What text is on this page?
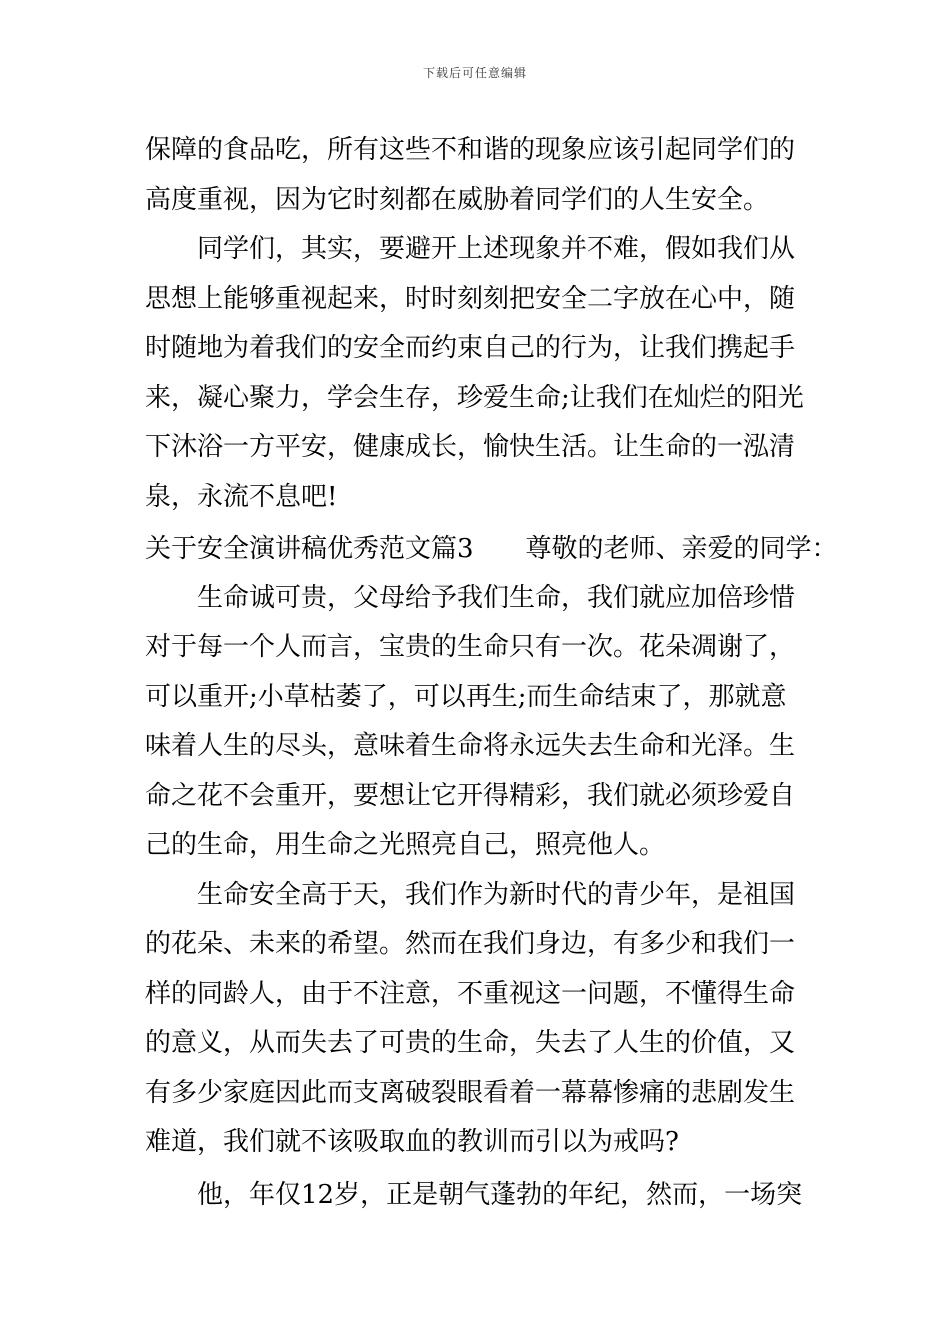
下载后可任意编辑
保障的食品吃，所有这些不和谐的现象应该引起同学们的
高度重视，因为它时刻都在威胁着同学们的人生安全。
　　同学们，其实，要避开上述现象并不难，假如我们从
思想上能够重视起来，时时刻刻把安全二字放在心中，随
时随地为着我们的安全而约束自己的行为，让我们携起手
来，凝心聚力，学会生存，珍爱生命;让我们在灿烂的阳光
下沐浴一方平安，健康成长，愉快生活。让生命的一泓清
泉，永流不息吧!
关于安全演讲稿优秀范文篇3 尊敬的老师、亲爱的同学：
　　生命诚可贵，父母给予我们生命，我们就应加倍珍惜
对于每一个人而言，宝贵的生命只有一次。花朵凋谢了，
可以重开;小草枯萎了，可以再生;而生命结束了，那就意
味着人生的尽头，意味着生命将永远失去生命和光泽。生
命之花不会重开，要想让它开得精彩，我们就必须珍爱自
己的生命，用生命之光照亮自己，照亮他人。
　　生命安全高于天，我们作为新时代的青少年，是祖国
的花朵、未来的希望。然而在我们身边，有多少和我们一
样的同龄人，由于不注意，不重视这一问题，不懂得生命
的意义，从而失去了可贵的生命，失去了人生的价值，又
有多少家庭因此而支离破裂眼看着一幕幕惨痛的悲剧发生
难道，我们就不该吸取血的教训而引以为戒吗?
　　他，年仅12岁，正是朝气蓬勃的年纪，然而，一场突
